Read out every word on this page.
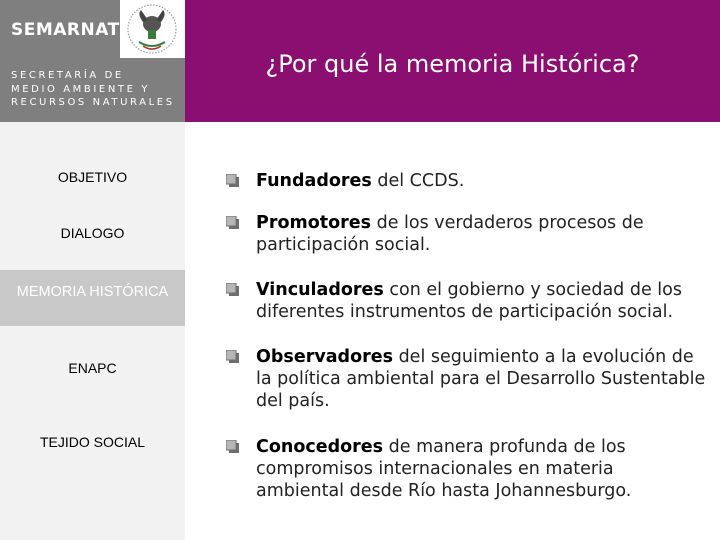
SEMARNAT
SECRETARÍA DE
MEDIO AMBIENTE Y
RECURSOS NATURALES
¿Por qué la memoria Histórica?
OBJETIVO
DIALOGO
MEMORIA HISTÓRICA
ENAPC
TEJIDO SOCIAL
Fundadores del CCDS.
Promotores de los verdaderos procesos de participación social.
Vinculadores con el gobierno y sociedad de los diferentes instrumentos de participación social.
Observadores del seguimiento a la evolución de la política ambiental para el Desarrollo Sustentable del país.
Conocedores de manera profunda de los compromisos internacionales en materia ambiental desde Río hasta Johannesburgo.
